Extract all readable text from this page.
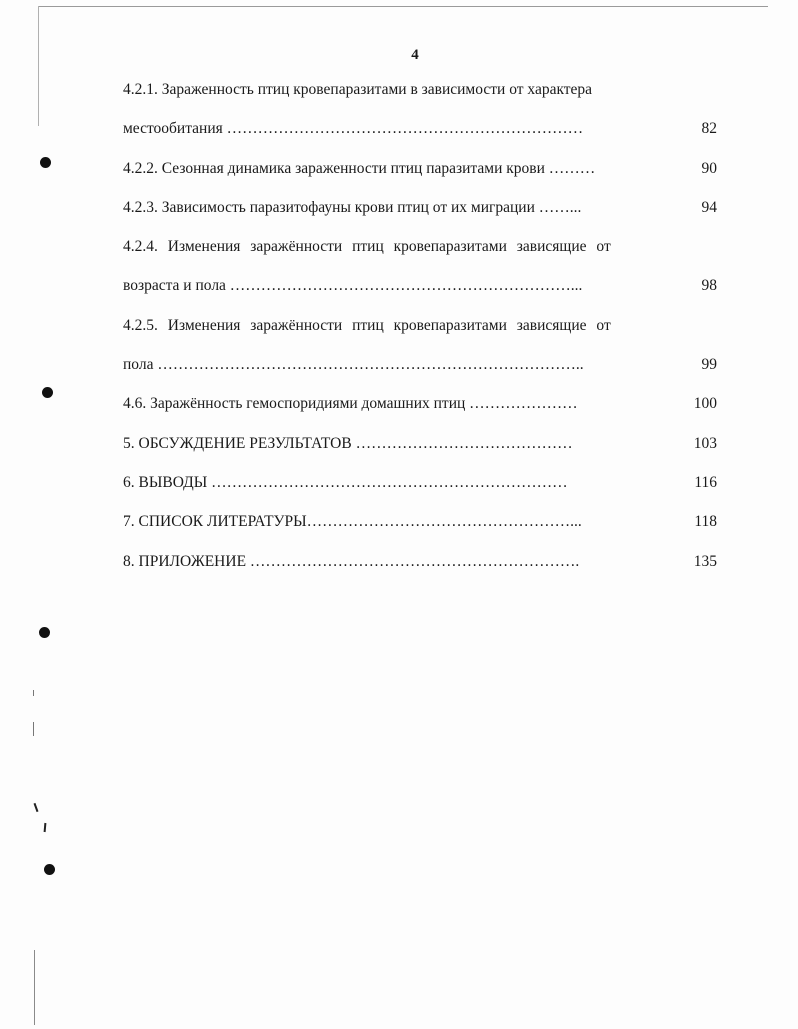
4
4.2.1. Зараженность птиц кровепаразитами в зависимости от характера
местообитания ……………………………………………………………	82
4.2.2. Сезонная динамика зараженности птиц паразитами крови ………	90
4.2.3. Зависимость паразитофауны крови птиц от их миграции ……...	94
4.2.4. Изменения заражённости птиц кровепаразитами зависящие от
возраста и пола …………………………………………………………...	98
4.2.5. Изменения заражённости птиц кровепаразитами зависящие от
пола ………………………………………………………………………..	99
4.6. Заражённость гемоспоридиями домашних птиц …………………	100
5. ОБСУЖДЕНИЕ РЕЗУЛЬТАТОВ ……………………………………	103
6. ВЫВОДЫ ……………………………………………………………	116
7. СПИСОК ЛИТЕРАТУРЫ……………………………………………...	118
8. ПРИЛОЖЕНИЕ ……………………………………………………….	135
